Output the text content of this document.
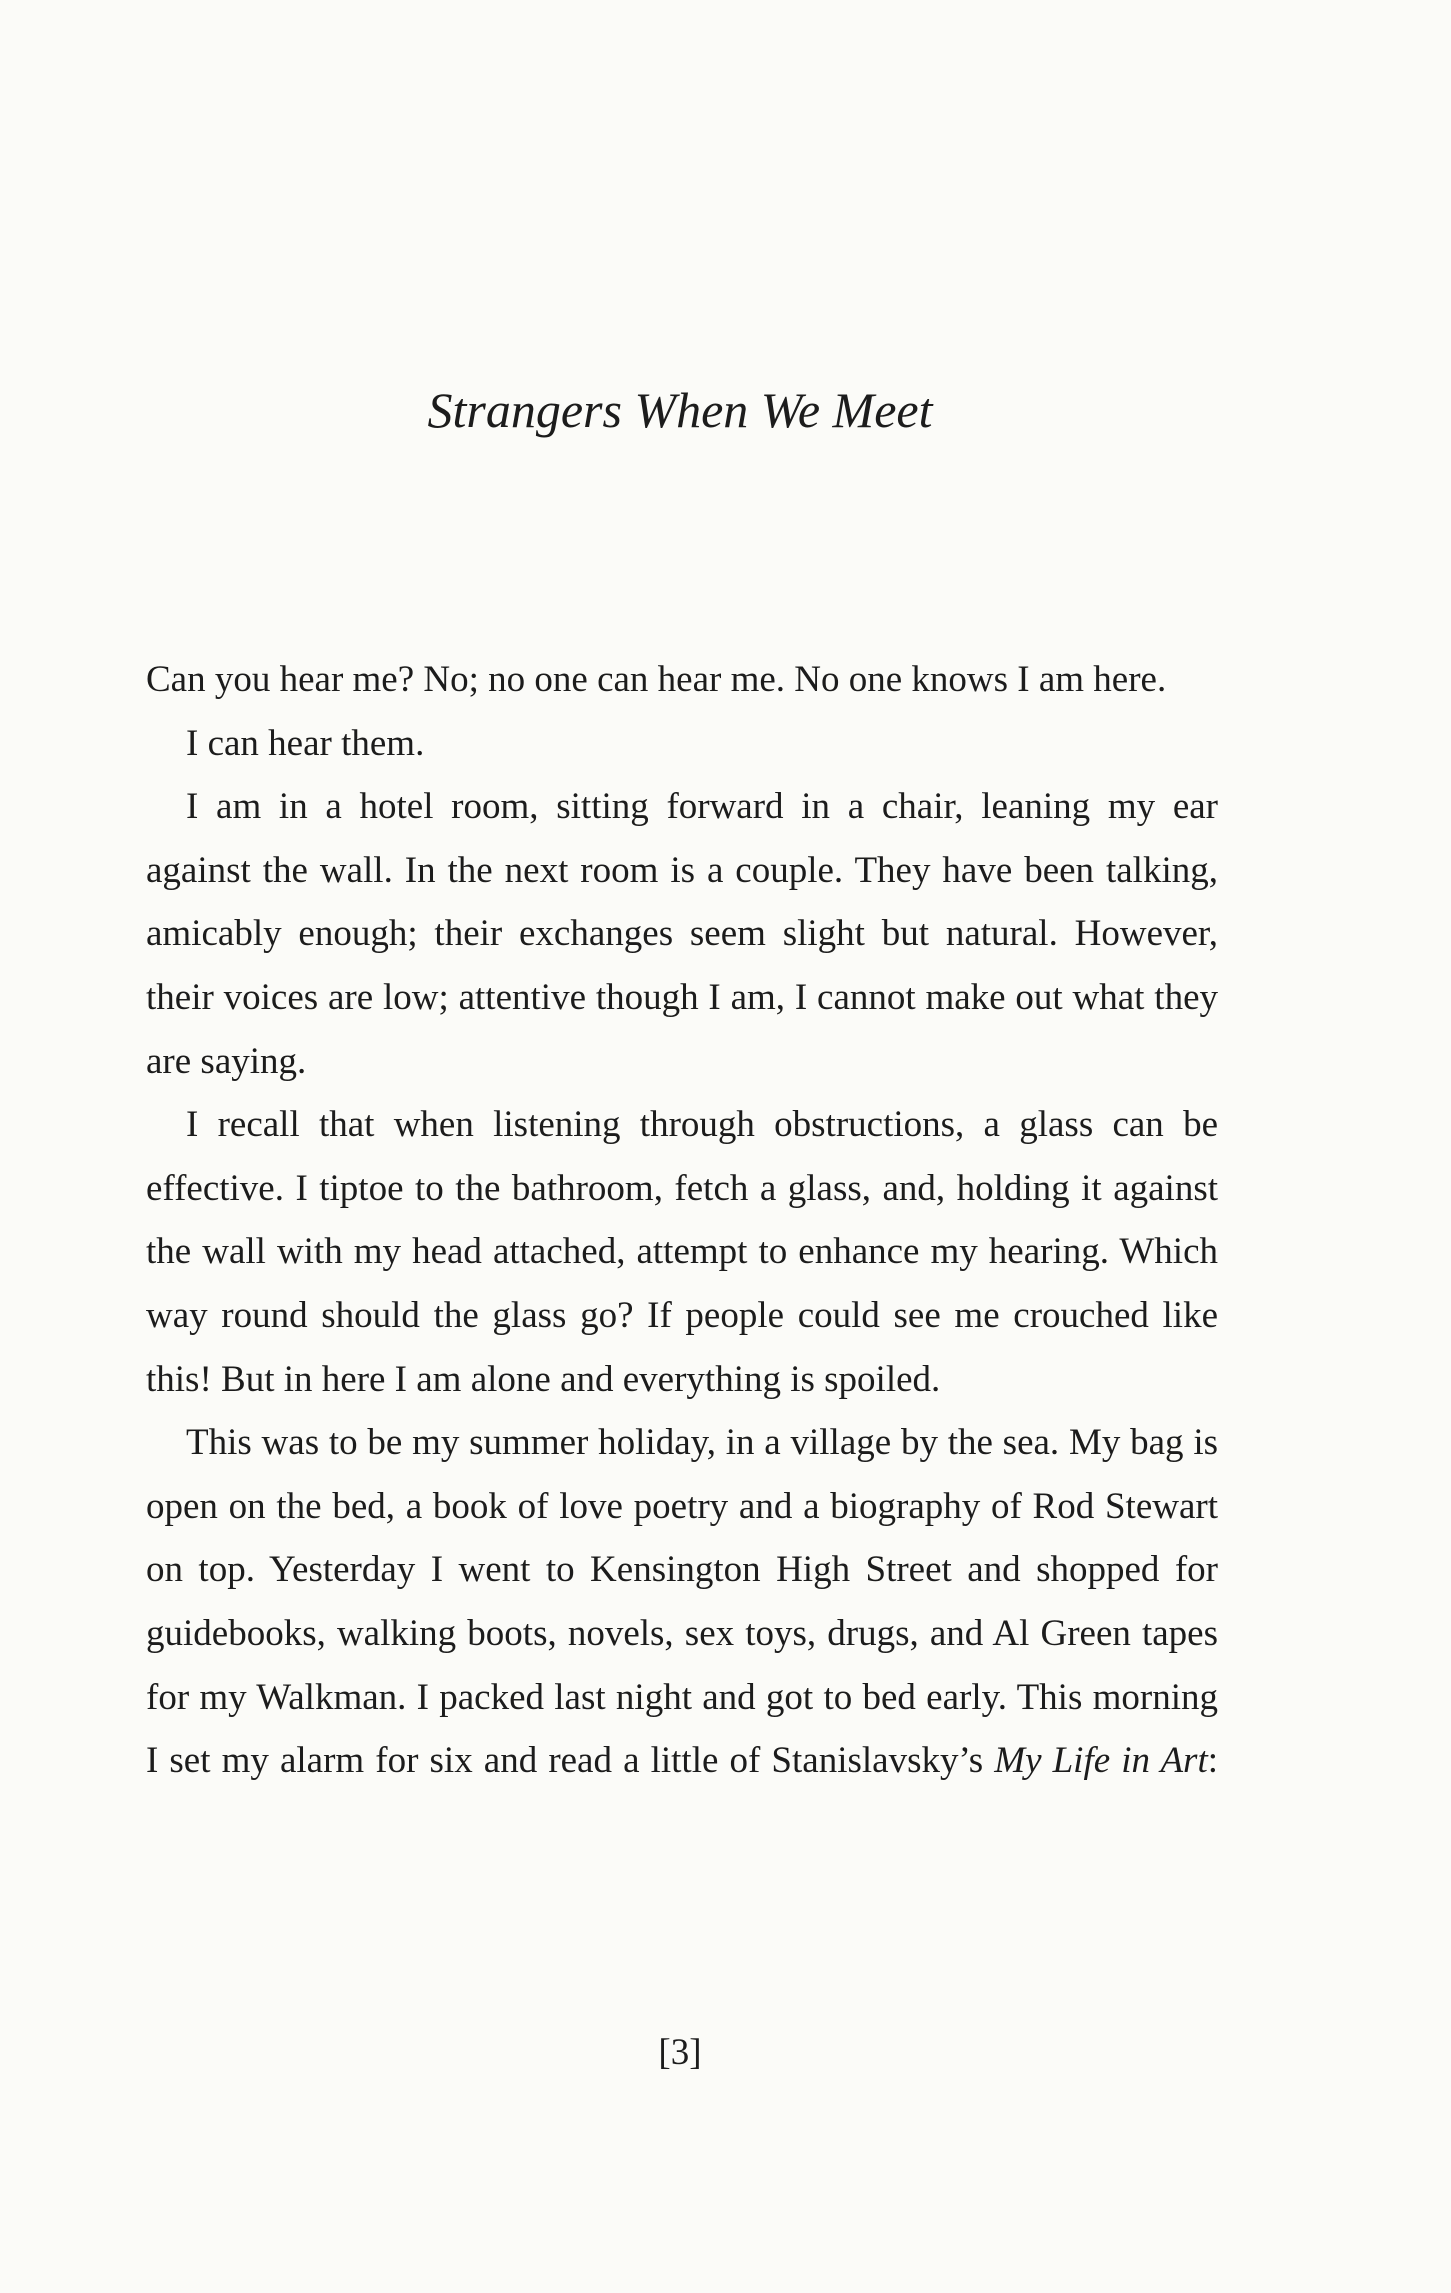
Strangers When We Meet

Can you hear me? No; no one can hear me. No one knows I am here.

I can hear them.

I am in a hotel room, sitting forward in a chair, leaning my ear against the wall. In the next room is a couple. They have been talking, amicably enough; their exchanges seem slight but natural. However, their voices are low; attentive though I am, I cannot make out what they are saying.

I recall that when listening through obstructions, a glass can be effective. I tiptoe to the bathroom, fetch a glass, and, holding it against the wall with my head attached, attempt to enhance my hearing. Which way round should the glass go? If people could see me crouched like this! But in here I am alone and everything is spoiled.

This was to be my summer holiday, in a village by the sea. My bag is open on the bed, a book of love poetry and a biography of Rod Stewart on top. Yesterday I went to Kensington High Street and shopped for guidebooks, walking boots, novels, sex toys, drugs, and Al Green tapes for my Walkman. I packed last night and got to bed early. This morning I set my alarm for six and read a little of Stanislavsky’s My Life in Art:

[3]
